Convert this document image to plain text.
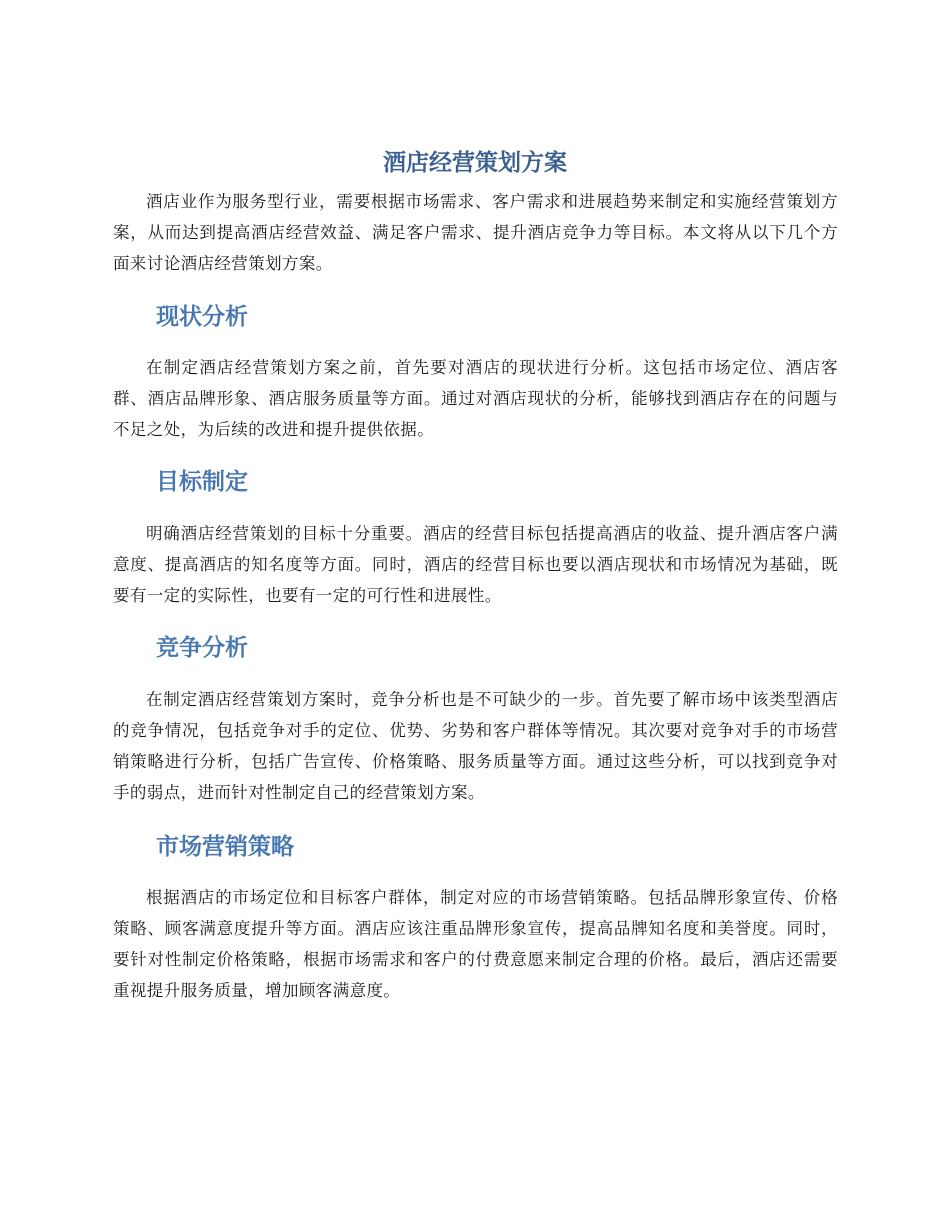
酒店经营策划方案

酒店业作为服务型行业，需要根据市场需求、客户需求和进展趋势来制定和实施经营策划方案，从而达到提高酒店经营效益、满足客户需求、提升酒店竞争力等目标。本文将从以下几个方面来讨论酒店经营策划方案。

现状分析

在制定酒店经营策划方案之前，首先要对酒店的现状进行分析。这包括市场定位、酒店客群、酒店品牌形象、酒店服务质量等方面。通过对酒店现状的分析，能够找到酒店存在的问题与不足之处，为后续的改进和提升提供依据。

目标制定

明确酒店经营策划的目标十分重要。酒店的经营目标包括提高酒店的收益、提升酒店客户满意度、提高酒店的知名度等方面。同时，酒店的经营目标也要以酒店现状和市场情况为基础，既要有一定的实际性，也要有一定的可行性和进展性。

竞争分析

在制定酒店经营策划方案时，竞争分析也是不可缺少的一步。首先要了解市场中该类型酒店的竞争情况，包括竞争对手的定位、优势、劣势和客户群体等情况。其次要对竞争对手的市场营销策略进行分析，包括广告宣传、价格策略、服务质量等方面。通过这些分析，可以找到竞争对手的弱点，进而针对性制定自己的经营策划方案。

市场营销策略

根据酒店的市场定位和目标客户群体，制定对应的市场营销策略。包括品牌形象宣传、价格策略、顾客满意度提升等方面。酒店应该注重品牌形象宣传，提高品牌知名度和美誉度。同时，要针对性制定价格策略，根据市场需求和客户的付费意愿来制定合理的价格。最后，酒店还需要重视提升服务质量，增加顾客满意度。
